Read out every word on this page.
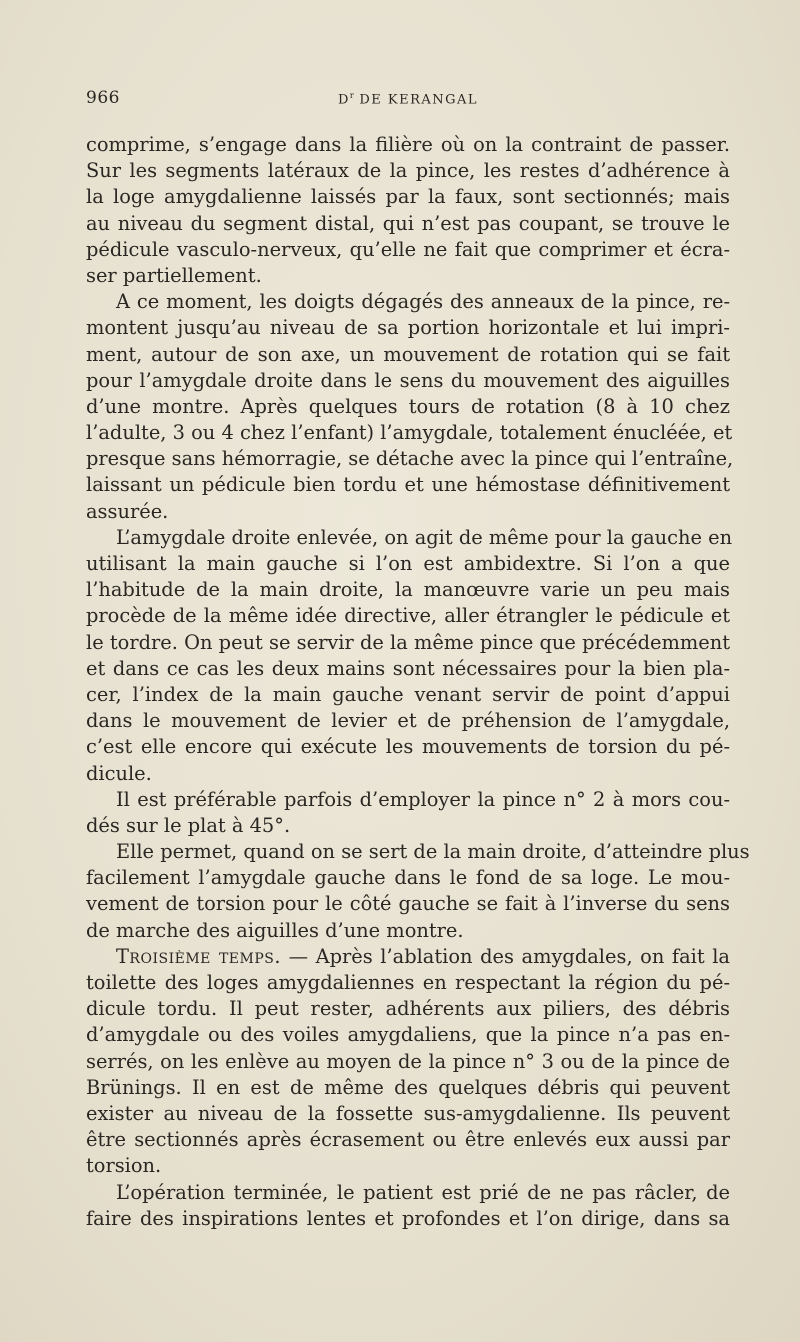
966	$D^r$ DE KERANGAL
comprime, s’engage dans la filière où on la contraint de passer.
Sur les segments latéraux de la pince, les restes d’adhérence à
la loge amygdalienne laissés par la faux, sont sectionnés; mais
au niveau du segment distal, qui n’est pas coupant, se trouve le
pédicule vasculo-nerveux, qu’elle ne fait que comprimer et écra-
ser partiellement.
A ce moment, les doigts dégagés des anneaux de la pince, re-
montent jusqu’au niveau de sa portion horizontale et lui impri-
ment, autour de son axe, un mouvement de rotation qui se fait
pour l’amygdale droite dans le sens du mouvement des aiguilles
d’une montre. Après quelques tours de rotation (8 à 10 chez
l’adulte, 3 ou 4 chez l’enfant) l’amygdale, totalement énucléée, et
presque sans hémorragie, se détache avec la pince qui l’entraîne,
laissant un pédicule bien tordu et une hémostase définitivement
assurée.
L’amygdale droite enlevée, on agit de même pour la gauche en
utilisant la main gauche si l’on est ambidextre. Si l’on a que
l’habitude de la main droite, la manœuvre varie un peu mais
procède de la même idée directive, aller étrangler le pédicule et
le tordre. On peut se servir de la même pince que précédemment
et dans ce cas les deux mains sont nécessaires pour la bien pla-
cer, l’index de la main gauche venant servir de point d’appui
dans le mouvement de levier et de préhension de l’amygdale,
c’est elle encore qui exécute les mouvements de torsion du pé-
dicule.
Il est préférable parfois d’employer la pince n° 2 à mors cou-
dés sur le plat à 45°.
Elle permet, quand on se sert de la main droite, d’atteindre plus
facilement l’amygdale gauche dans le fond de sa loge. Le mou-
vement de torsion pour le côté gauche se fait à l’inverse du sens
de marche des aiguilles d’une montre.
Troisième temps. — Après l’ablation des amygdales, on fait la
toilette des loges amygdaliennes en respectant la région du pé-
dicule tordu. Il peut rester, adhérents aux piliers, des débris
d’amygdale ou des voiles amygdaliens, que la pince n’a pas en-
serrés, on les enlève au moyen de la pince n° 3 ou de la pince de
Brünings. Il en est de même des quelques débris qui peuvent
exister au niveau de la fossette sus-amygdalienne. Ils peuvent
être sectionnés après écrasement ou être enlevés eux aussi par
torsion.
L’opération terminée, le patient est prié de ne pas râcler, de
faire des inspirations lentes et profondes et l’on dirige, dans sa
